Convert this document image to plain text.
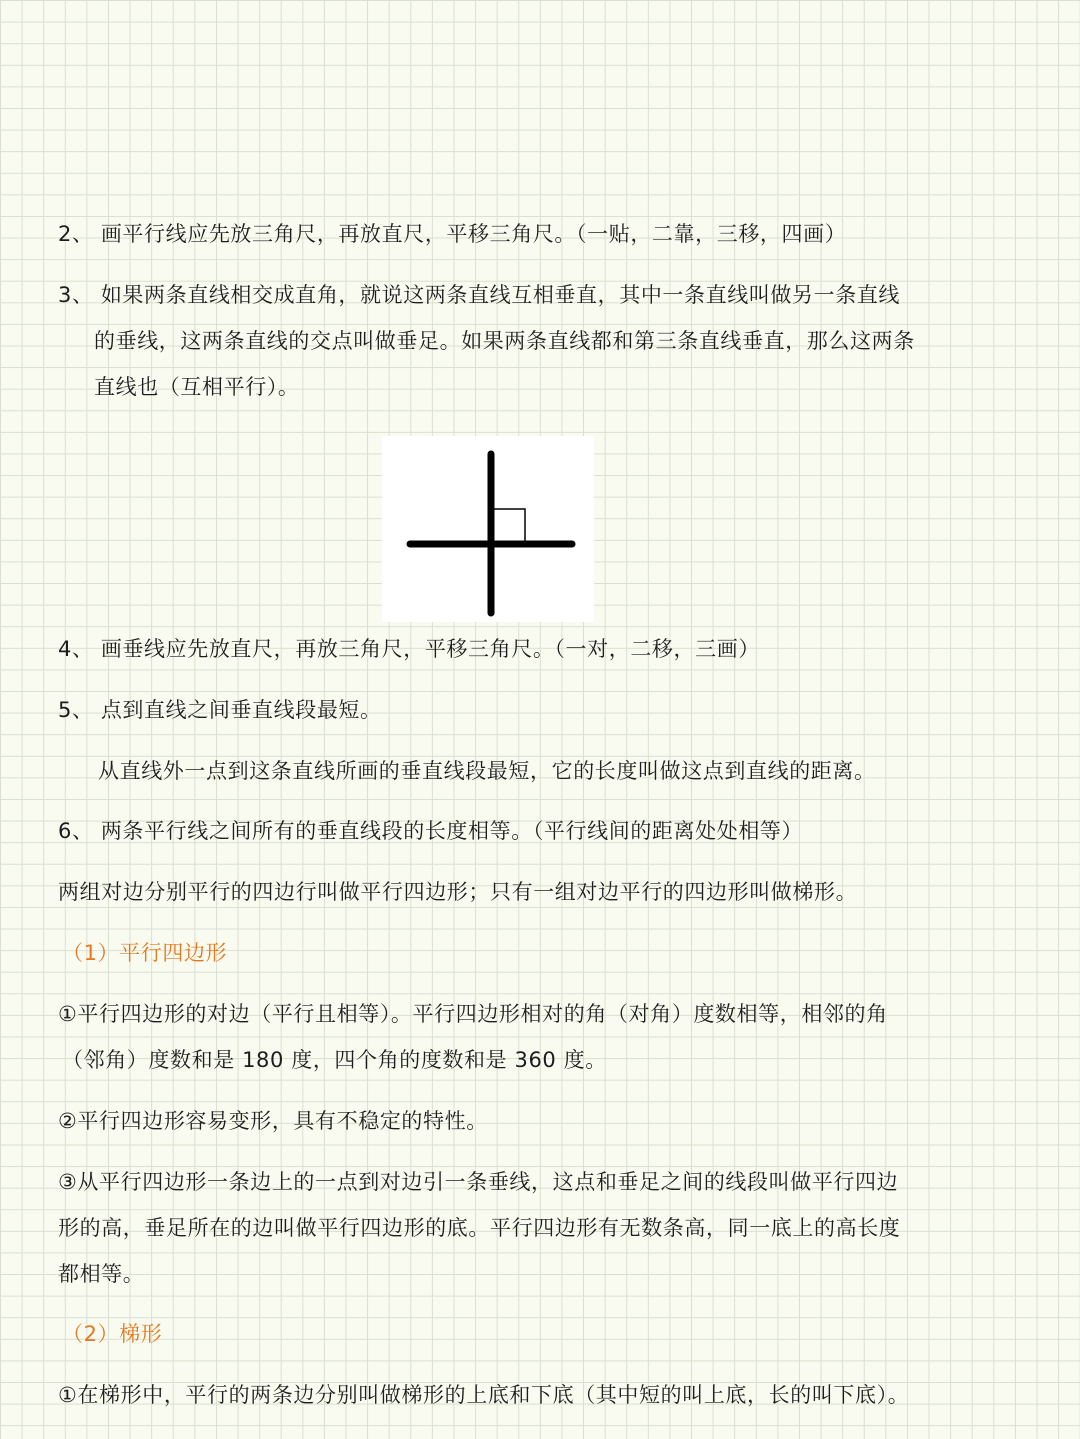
2、 画平行线应先放三角尺，再放直尺，平移三角尺。（一贴，二靠，三移，四画）

3、 如果两条直线相交成直角，就说这两条直线互相垂直，其中一条直线叫做另一条直线

的垂线，这两条直线的交点叫做垂足。如果两条直线都和第三条直线垂直，那么这两条

直线也（互相平行）。

4、 画垂线应先放直尺，再放三角尺，平移三角尺。（一对，二移，三画）

5、 点到直线之间垂直线段最短。

从直线外一点到这条直线所画的垂直线段最短，它的长度叫做这点到直线的距离。

6、 两条平行线之间所有的垂直线段的长度相等。（平行线间的距离处处相等）

两组对边分别平行的四边行叫做平行四边形；只有一组对边平行的四边形叫做梯形。

（1）平行四边形

①平行四边形的对边（平行且相等）。平行四边形相对的角（对角）度数相等，相邻的角

（邻角）度数和是 180 度，四个角的度数和是 360 度。

②平行四边形容易变形，具有不稳定的特性。

③从平行四边形一条边上的一点到对边引一条垂线，这点和垂足之间的线段叫做平行四边

形的高，垂足所在的边叫做平行四边形的底。平行四边形有无数条高，同一底上的高长度

都相等。

（2）梯形

①在梯形中，平行的两条边分别叫做梯形的上底和下底（其中短的叫上底，长的叫下底）。
